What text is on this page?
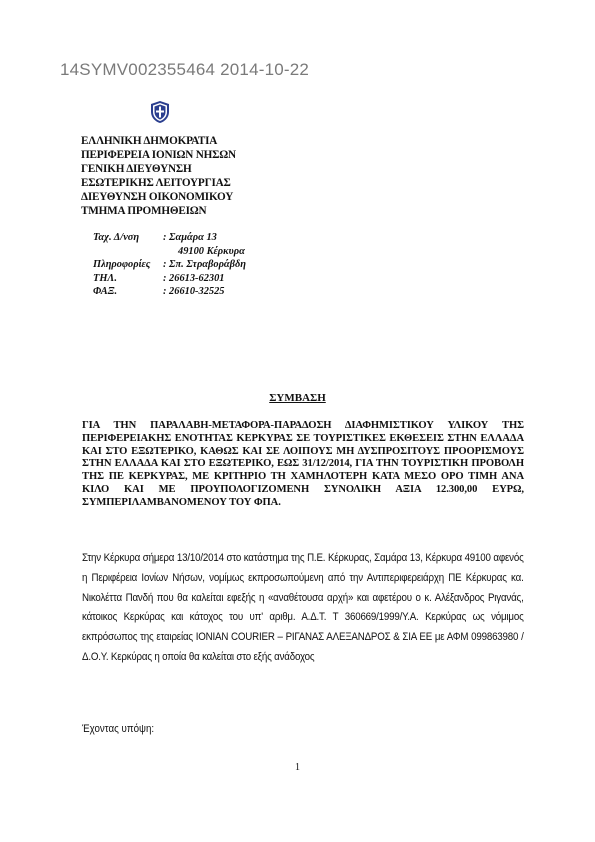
14SYMV002355464 2014-10-22
ΕΛΛΗΝΙΚΗ ΔΗΜΟΚΡΑΤΙΑ
ΠΕΡΙΦΕΡΕΙΑ ΙΟΝΙΩΝ ΝΗΣΩΝ
ΓΕΝΙΚΗ ΔΙΕΥΘΥΝΣΗ
ΕΣΩΤΕΡΙΚΗΣ ΛΕΙΤΟΥΡΓΙΑΣ
ΔΙΕΥΘΥΝΣΗ ΟΙΚΟΝΟΜΙΚΟΥ
ΤΜΗΜΑ ΠΡΟΜΗΘΕΙΩΝ
Ταχ. Δ/νση	: Σαμάρα 13
49100 Κέρκυρα
Πληροφορίες	: Σπ. Στραβοράβδη
ΤΗΛ.	: 26613-62301
ΦΑΞ.	: 26610-32525
ΣΥΜΒΑΣΗ
ΓΙΑ ΤΗΝ ΠΑΡΑΛΑΒΗ-ΜΕΤΑΦΟΡΑ-ΠΑΡΑΔΟΣΗ ΔΙΑΦΗΜΙΣΤΙΚΟΥ ΥΛΙΚΟΥ ΤΗΣ ΠΕΡΙΦΕΡΕΙΑΚΗΣ ΕΝΟΤΗΤΑΣ ΚΕΡΚΥΡΑΣ ΣΕ ΤΟΥΡΙΣΤΙΚΕΣ ΕΚΘΕΣΕΙΣ ΣΤΗΝ ΕΛΛΑΔΑ ΚΑΙ ΣΤΟ ΕΞΩΤΕΡΙΚΟ, ΚΑΘΩΣ ΚΑΙ ΣΕ ΛΟΙΠΟΥΣ ΜΗ ΔΥΣΠΡΟΣΙΤΟΥΣ ΠΡΟΟΡΙΣΜΟΥΣ ΣΤΗΝ ΕΛΛΑΔΑ ΚΑΙ ΣΤΟ ΕΞΩΤΕΡΙΚΟ, ΕΩΣ 31/12/2014, ΓΙΑ ΤΗΝ ΤΟΥΡΙΣΤΙΚΗ ΠΡΟΒΟΛΗ ΤΗΣ ΠΕ ΚΕΡΚΥΡΑΣ, ΜΕ ΚΡΙΤΗΡΙΟ ΤΗ ΧΑΜΗΛΟΤΕΡΗ ΚΑΤΑ ΜΕΣΟ ΟΡΟ ΤΙΜΗ ΑΝΑ ΚΙΛΟ ΚΑΙ ΜΕ ΠΡΟΥΠΟΛΟΓΙΖΟΜΕΝΗ ΣΥΝΟΛΙΚΗ ΑΞΙΑ 12.300,00 ΕΥΡΩ, ΣΥΜΠΕΡΙΛΑΜΒΑΝΟΜΕΝΟΥ ΤΟΥ ΦΠΑ.

Στην Κέρκυρα σήμερα 13/10/2014 στο κατάστημα της Π.Ε. Κέρκυρας, Σαμάρα 13, Κέρκυρα 49100 αφενός η Περιφέρεια Ιονίων Νήσων, νομίμως εκπροσωπούμενη από την Αντιπεριφερειάρχη ΠΕ Κέρκυρας κα. Νικολέττα Πανδή που θα καλείται εφεξής η «αναθέτουσα αρχή» και αφετέρου ο κ. Αλέξανδρος Ριγανάς, κάτοικος Κερκύρας και κάτοχος του υπ' αριθμ. Α.Δ.Τ. Τ 360669/1999/Υ.Α. Κερκύρας ως νόμιμος εκπρόσωπος της εταιρείας IONIAN COURIER – ΡΙΓΑΝΑΣ ΑΛΕΞΑΝΔΡΟΣ & ΣΙΑ ΕΕ με ΑΦΜ 099863980 /Δ.Ο.Υ. Κερκύρας η οποία θα καλείται στο εξής ανάδοχος

Έχοντας υπόψη:
1
